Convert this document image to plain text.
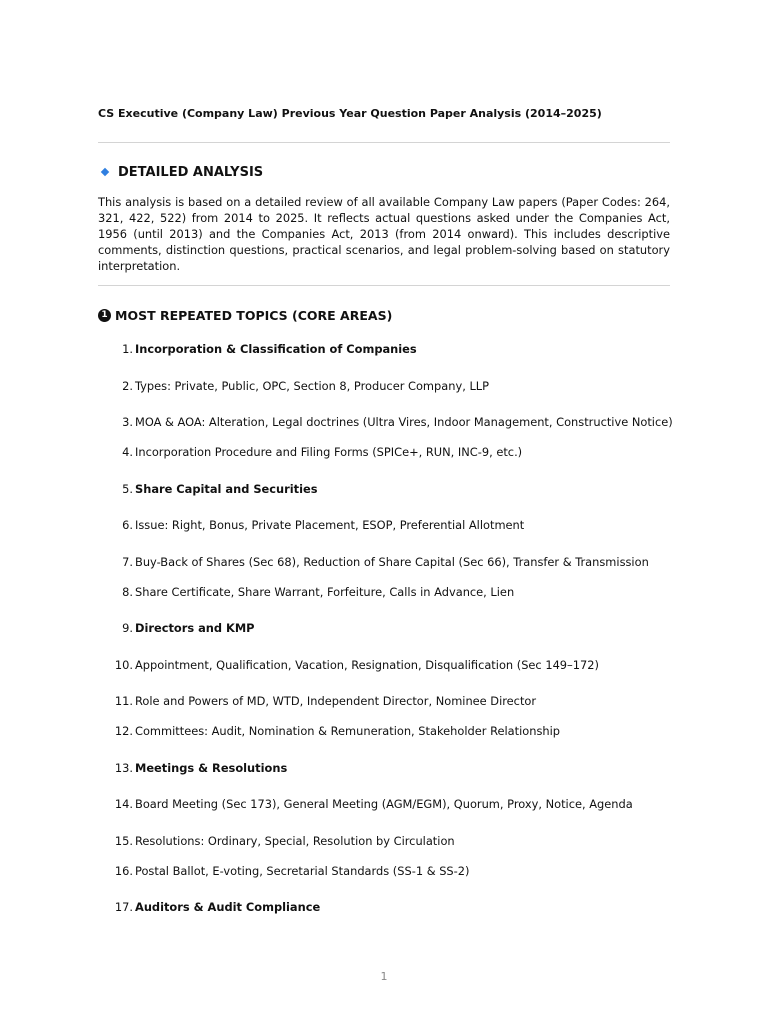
CS Executive (Company Law) Previous Year Question Paper Analysis (2014–2025)
DETAILED ANALYSIS

This analysis is based on a detailed review of all available Company Law papers (Paper Codes: 264, 321, 422, 522) from 2014 to 2025. It reflects actual questions asked under the Companies Act, 1956 (until 2013) and the Companies Act, 2013 (from 2014 onward). This includes descriptive comments, distinction questions, practical scenarios, and legal problem-solving based on statutory interpretation.

1 MOST REPEATED TOPICS (CORE AREAS)
1. Incorporation & Classification of Companies
2. Types: Private, Public, OPC, Section 8, Producer Company, LLP
3. MOA & AOA: Alteration, Legal doctrines (Ultra Vires, Indoor Management, Constructive Notice)
4. Incorporation Procedure and Filing Forms (SPICe+, RUN, INC-9, etc.)
5. Share Capital and Securities
6. Issue: Right, Bonus, Private Placement, ESOP, Preferential Allotment
7. Buy-Back of Shares (Sec 68), Reduction of Share Capital (Sec 66), Transfer & Transmission
8. Share Certificate, Share Warrant, Forfeiture, Calls in Advance, Lien
9. Directors and KMP
10. Appointment, Qualification, Vacation, Resignation, Disqualification (Sec 149–172)
11. Role and Powers of MD, WTD, Independent Director, Nominee Director
12. Committees: Audit, Nomination & Remuneration, Stakeholder Relationship
13. Meetings & Resolutions
14. Board Meeting (Sec 173), General Meeting (AGM/EGM), Quorum, Proxy, Notice, Agenda
15. Resolutions: Ordinary, Special, Resolution by Circulation
16. Postal Ballot, E-voting, Secretarial Standards (SS-1 & SS-2)
17. Auditors & Audit Compliance
1
